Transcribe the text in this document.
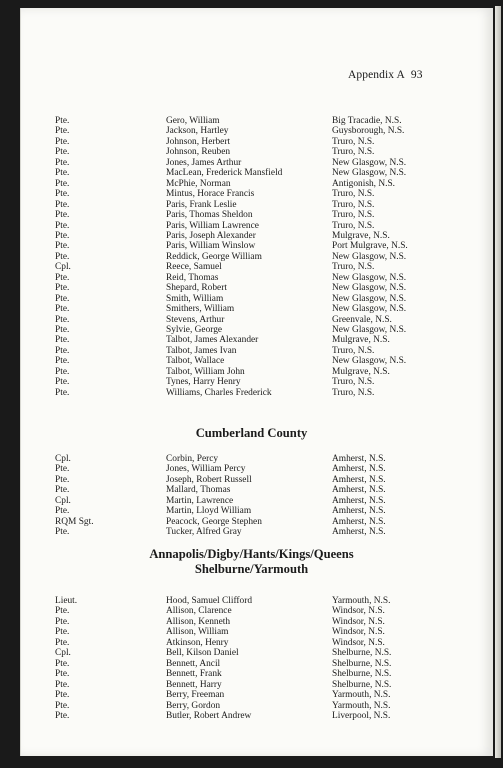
Appendix A 93
Pte.	Gero, William	Big Tracadie, N.S.
Pte.	Jackson, Hartley	Guysborough, N.S.
Pte.	Johnson, Herbert	Truro, N.S.
Pte.	Johnson, Reuben	Truro, N.S.
Pte.	Jones, James Arthur	New Glasgow, N.S.
Pte.	MacLean, Frederick Mansfield	New Glasgow, N.S.
Pte.	McPhie, Norman	Antigonish, N.S.
Pte.	Mintus, Horace Francis	Truro, N.S.
Pte.	Paris, Frank Leslie	Truro, N.S.
Pte.	Paris, Thomas Sheldon	Truro, N.S.
Pte.	Paris, William Lawrence	Truro, N.S.
Pte.	Paris, Joseph Alexander	Mulgrave, N.S.
Pte.	Paris, William Winslow	Port Mulgrave, N.S.
Pte.	Reddick, George William	New Glasgow, N.S.
Cpl.	Reece, Samuel	Truro, N.S.
Pte.	Reid, Thomas	New Glasgow, N.S.
Pte.	Shepard, Robert	New Glasgow, N.S.
Pte.	Smith, William	New Glasgow, N.S.
Pte.	Smithers, William	New Glasgow, N.S.
Pte.	Stevens, Arthur	Greenvale, N.S.
Pte.	Sylvie, George	New Glasgow, N.S.
Pte.	Talbot, James Alexander	Mulgrave, N.S.
Pte.	Talbot, James Ivan	Truro, N.S.
Pte.	Talbot, Wallace	New Glasgow, N.S.
Pte.	Talbot, William John	Mulgrave, N.S.
Pte.	Tynes, Harry Henry	Truro, N.S.
Pte.	Williams, Charles Frederick	Truro, N.S.
Cumberland County
Cpl.	Corbin, Percy	Amherst, N.S.
Pte.	Jones, William Percy	Amherst, N.S.
Pte.	Joseph, Robert Russell	Amherst, N.S.
Pte.	Mallard, Thomas	Amherst, N.S.
Cpl.	Martin, Lawrence	Amherst, N.S.
Pte.	Martin, Lloyd William	Amherst, N.S.
RQM Sgt.	Peacock, George Stephen	Amherst, N.S.
Pte.	Tucker, Alfred Gray	Amherst, N.S.
Annapolis/Digby/Hants/Kings/Queens
Shelburne/Yarmouth
Lieut.	Hood, Samuel Clifford	Yarmouth, N.S.
Pte.	Allison, Clarence	Windsor, N.S.
Pte.	Allison, Kenneth	Windsor, N.S.
Pte.	Allison, William	Windsor, N.S.
Pte.	Atkinson, Henry	Windsor, N.S.
Cpl.	Bell, Kilson Daniel	Shelburne, N.S.
Pte.	Bennett, Ancil	Shelburne, N.S.
Pte.	Bennett, Frank	Shelburne, N.S.
Pte.	Bennett, Harry	Shelburne, N.S.
Pte.	Berry, Freeman	Yarmouth, N.S.
Pte.	Berry, Gordon	Yarmouth, N.S.
Pte.	Butler, Robert Andrew	Liverpool, N.S.
